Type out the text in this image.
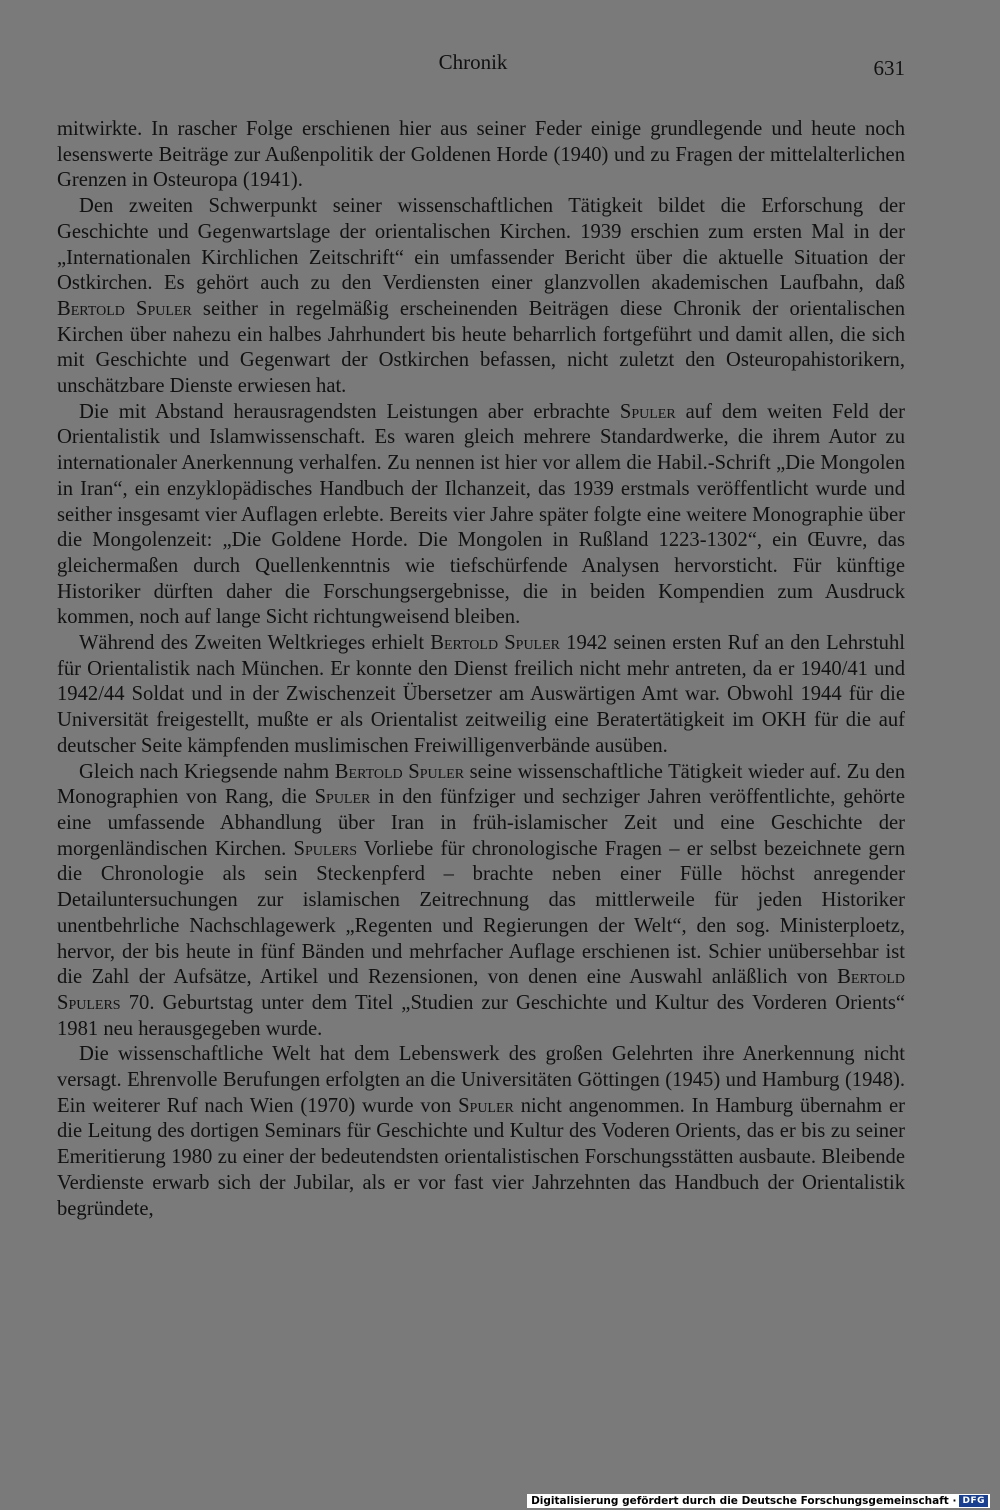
Chronik	631

mitwirkte. In rascher Folge erschienen hier aus seiner Feder einige grundlegende und heute noch lesenswerte Beiträge zur Außenpolitik der Goldenen Horde (1940) und zu Fragen der mittelalterlichen Grenzen in Osteuropa (1941).

Den zweiten Schwerpunkt seiner wissenschaftlichen Tätigkeit bildet die Erforschung der Geschichte und Gegenwartslage der orientalischen Kirchen. 1939 erschien zum ersten Mal in der „Internationalen Kirchlichen Zeitschrift“ ein umfassender Bericht über die aktuelle Situation der Ostkirchen. Es gehört auch zu den Verdiensten einer glanzvollen akademischen Laufbahn, daß Bertold Spuler seither in regelmäßig erscheinenden Beiträgen diese Chronik der orientalischen Kirchen über nahezu ein halbes Jahrhundert bis heute beharrlich fortgeführt und damit allen, die sich mit Geschichte und Gegenwart der Ostkirchen befassen, nicht zuletzt den Osteuropahistorikern, unschätzbare Dienste erwiesen hat.

Die mit Abstand herausragendsten Leistungen aber erbrachte Spuler auf dem weiten Feld der Orientalistik und Islamwissenschaft. Es waren gleich mehrere Standardwerke, die ihrem Autor zu internationaler Anerkennung verhalfen. Zu nennen ist hier vor allem die Habil.-Schrift „Die Mongolen in Iran“, ein enzyklopädisches Handbuch der Ilchanzeit, das 1939 erstmals veröffentlicht wurde und seither insgesamt vier Auflagen erlebte. Bereits vier Jahre später folgte eine weitere Monographie über die Mongolenzeit: „Die Goldene Horde. Die Mongolen in Rußland 1223-1302“, ein Œuvre, das gleichermaßen durch Quellenkenntnis wie tiefschürfende Analysen hervorsticht. Für künftige Historiker dürften daher die Forschungsergebnisse, die in beiden Kompendien zum Ausdruck kommen, noch auf lange Sicht richtungweisend bleiben.

Während des Zweiten Weltkrieges erhielt Bertold Spuler 1942 seinen ersten Ruf an den Lehrstuhl für Orientalistik nach München. Er konnte den Dienst freilich nicht mehr antreten, da er 1940/41 und 1942/44 Soldat und in der Zwischenzeit Übersetzer am Auswärtigen Amt war. Obwohl 1944 für die Universität freigestellt, mußte er als Orientalist zeitweilig eine Beratertätigkeit im OKH für die auf deutscher Seite kämpfenden muslimischen Freiwilligenverbände ausüben.

Gleich nach Kriegsende nahm Bertold Spuler seine wissenschaftliche Tätigkeit wieder auf. Zu den Monographien von Rang, die Spuler in den fünfziger und sechziger Jahren veröffentlichte, gehörte eine umfassende Abhandlung über Iran in früh-islamischer Zeit und eine Geschichte der morgenländischen Kirchen. Spulers Vorliebe für chronologische Fragen – er selbst bezeichnete gern die Chronologie als sein Steckenpferd – brachte neben einer Fülle höchst anregender Detailuntersuchungen zur islamischen Zeitrechnung das mittlerweile für jeden Historiker unentbehrliche Nachschlagewerk „Regenten und Regierungen der Welt“, den sog. Ministerploetz, hervor, der bis heute in fünf Bänden und mehrfacher Auflage erschienen ist. Schier unübersehbar ist die Zahl der Aufsätze, Artikel und Rezensionen, von denen eine Auswahl anläßlich von Bertold Spulers 70. Geburtstag unter dem Titel „Studien zur Geschichte und Kultur des Vorderen Orients“ 1981 neu herausgegeben wurde.

Die wissenschaftliche Welt hat dem Lebenswerk des großen Gelehrten ihre Anerkennung nicht versagt. Ehrenvolle Berufungen erfolgten an die Universitäten Göttingen (1945) und Hamburg (1948). Ein weiterer Ruf nach Wien (1970) wurde von Spuler nicht angenommen. In Hamburg übernahm er die Leitung des dortigen Seminars für Geschichte und Kultur des Voderen Orients, das er bis zu seiner Emeritierung 1980 zu einer der bedeutendsten orientalistischen Forschungsstätten ausbaute. Bleibende Verdienste erwarb sich der Jubilar, als er vor fast vier Jahrzehnten das Handbuch der Orientalistik begründete,

Digitalisierung gefördert durch die Deutsche Forschungsgemeinschaft · DFG
